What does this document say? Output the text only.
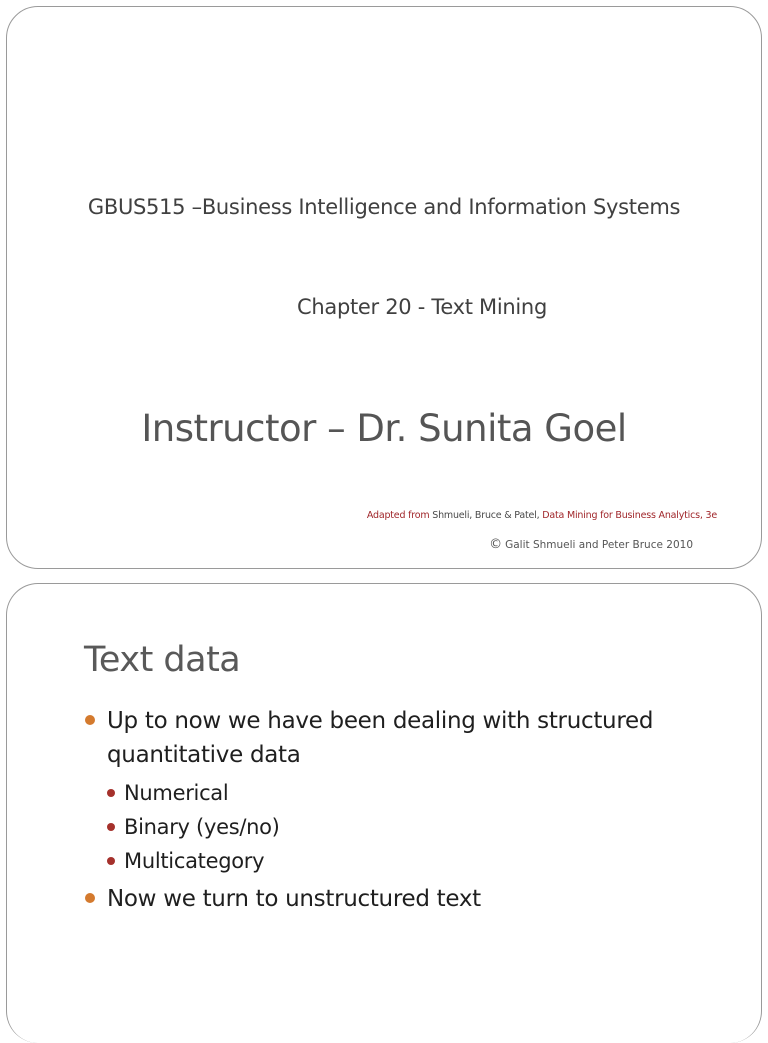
GBUS515 –Business Intelligence and Information Systems
Chapter 20 - Text Mining
Instructor – Dr. Sunita Goel
Adapted from Shmueli, Bruce & Patel, Data Mining for Business Analytics, 3e
© Galit Shmueli and Peter Bruce 2010
Text data
Up to now we have been dealing with structured quantitative data
Numerical
Binary (yes/no)
Multicategory
Now we turn to unstructured text
